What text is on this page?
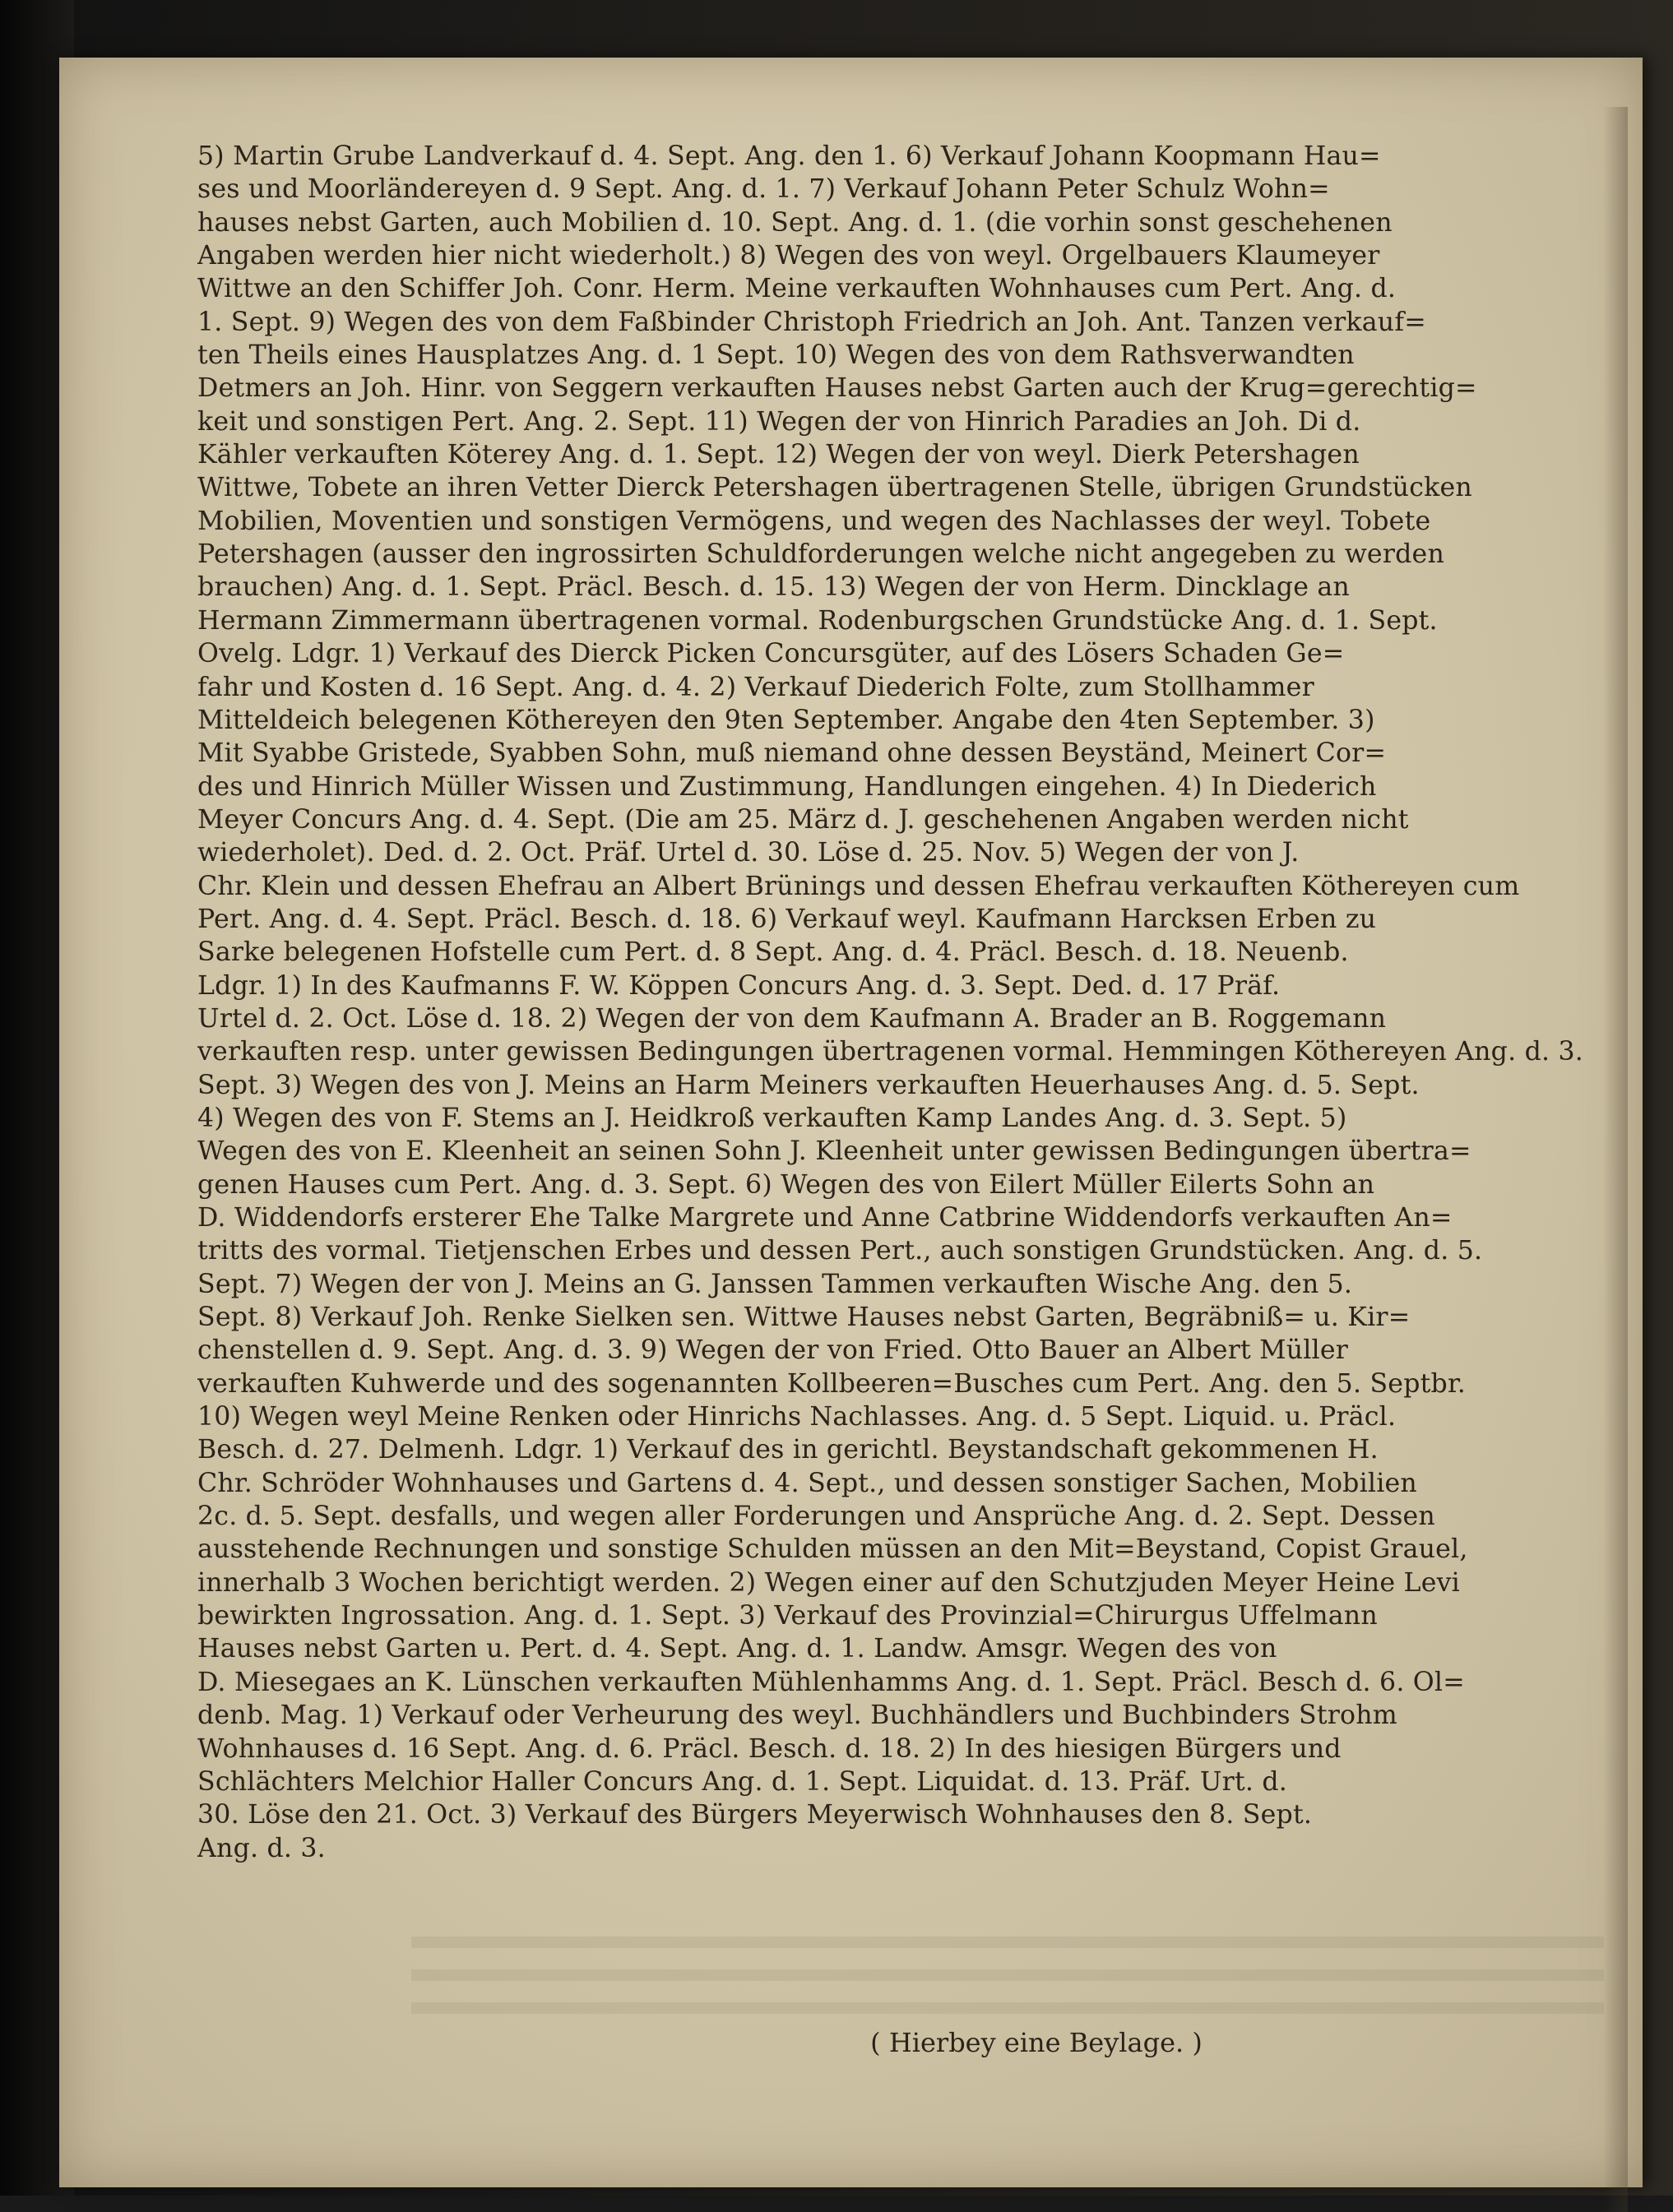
5) Martin Grube Landverkauf d. 4. Sept. Ang. den 1. 6) Verkauf Johann Koopmann Hau=
ses und Moorländereyen d. 9 Sept. Ang. d. 1. 7) Verkauf Johann Peter Schulz Wohn=
hauses nebst Garten, auch Mobilien d. 10. Sept. Ang. d. 1. (die vorhin sonst geschehenen
Angaben werden hier nicht wiederholt.) 8) Wegen des von weyl. Orgelbauers Klaumeyer
Wittwe an den Schiffer Joh. Conr. Herm. Meine verkauften Wohnhauses cum Pert. Ang. d.
1. Sept. 9) Wegen des von dem Faßbinder Christoph Friedrich an Joh. Ant. Tanzen verkauf=
ten Theils eines Hausplatzes Ang. d. 1 Sept. 10) Wegen des von dem Rathsverwandten
Detmers an Joh. Hinr. von Seggern verkauften Hauses nebst Garten auch der Krug=gerechtig=
keit und sonstigen Pert. Ang. 2. Sept. 11) Wegen der von Hinrich Paradies an Joh. Di d.
Kähler verkauften Köterey Ang. d. 1. Sept. 12) Wegen der von weyl. Dierk Petershagen
Wittwe, Tobete an ihren Vetter Dierck Petershagen übertragenen Stelle, übrigen Grundstücken
Mobilien, Moventien und sonstigen Vermögens, und wegen des Nachlasses der weyl. Tobete
Petershagen (ausser den ingrossirten Schuldforderungen welche nicht angegeben zu werden
brauchen) Ang. d. 1. Sept. Präcl. Besch. d. 15. 13) Wegen der von Herm. Dincklage an
Hermann Zimmermann übertragenen vormal. Rodenburgschen Grundstücke Ang. d. 1. Sept.
Ovelg. Ldgr. 1) Verkauf des Dierck Picken Concursgüter, auf des Lösers Schaden Ge=
fahr und Kosten d. 16 Sept. Ang. d. 4. 2) Verkauf Diederich Folte, zum Stollhammer
Mitteldeich belegenen Köthereyen den 9ten September. Angabe den 4ten September. 3)
Mit Syabbe Gristede, Syabben Sohn, muß niemand ohne dessen Beyständ, Meinert Cor=
des und Hinrich Müller Wissen und Zustimmung, Handlungen eingehen. 4) In Diederich
Meyer Concurs Ang. d. 4. Sept. (Die am 25. März d. J. geschehenen Angaben werden nicht
wiederholet). Ded. d. 2. Oct. Präf. Urtel d. 30. Löse d. 25. Nov. 5) Wegen der von J.
Chr. Klein und dessen Ehefrau an Albert Brünings und dessen Ehefrau verkauften Köthereyen cum
Pert. Ang. d. 4. Sept. Präcl. Besch. d. 18. 6) Verkauf weyl. Kaufmann Harcksen Erben zu
Sarke belegenen Hofstelle cum Pert. d. 8 Sept. Ang. d. 4. Präcl. Besch. d. 18. Neuenb.
Ldgr. 1) In des Kaufmanns F. W. Köppen Concurs Ang. d. 3. Sept. Ded. d. 17 Präf.
Urtel d. 2. Oct. Löse d. 18. 2) Wegen der von dem Kaufmann A. Brader an B. Roggemann
verkauften resp. unter gewissen Bedingungen übertragenen vormal. Hemmingen Köthereyen Ang. d. 3.
Sept. 3) Wegen des von J. Meins an Harm Meiners verkauften Heuerhauses Ang. d. 5. Sept.
4) Wegen des von F. Stems an J. Heidkroß verkauften Kamp Landes Ang. d. 3. Sept. 5)
Wegen des von E. Kleenheit an seinen Sohn J. Kleenheit unter gewissen Bedingungen übertra=
genen Hauses cum Pert. Ang. d. 3. Sept. 6) Wegen des von Eilert Müller Eilerts Sohn an
D. Widdendorfs ersterer Ehe Talke Margrete und Anne Catbrine Widdendorfs verkauften An=
tritts des vormal. Tietjenschen Erbes und dessen Pert., auch sonstigen Grundstücken. Ang. d. 5.
Sept. 7) Wegen der von J. Meins an G. Janssen Tammen verkauften Wische Ang. den 5.
Sept. 8) Verkauf Joh. Renke Sielken sen. Wittwe Hauses nebst Garten, Begräbniß= u. Kir=
chenstellen d. 9. Sept. Ang. d. 3. 9) Wegen der von Fried. Otto Bauer an Albert Müller
verkauften Kuhwerde und des sogenannten Kollbeeren=Busches cum Pert. Ang. den 5. Septbr.
10) Wegen weyl Meine Renken oder Hinrichs Nachlasses. Ang. d. 5 Sept. Liquid. u. Präcl.
Besch. d. 27. Delmenh. Ldgr. 1) Verkauf des in gerichtl. Beystandschaft gekommenen H.
Chr. Schröder Wohnhauses und Gartens d. 4. Sept., und dessen sonstiger Sachen, Mobilien
2c. d. 5. Sept. desfalls, und wegen aller Forderungen und Ansprüche Ang. d. 2. Sept. Dessen
ausstehende Rechnungen und sonstige Schulden müssen an den Mit=Beystand, Copist Grauel,
innerhalb 3 Wochen berichtigt werden. 2) Wegen einer auf den Schutzjuden Meyer Heine Levi
bewirkten Ingrossation. Ang. d. 1. Sept. 3) Verkauf des Provinzial=Chirurgus Uffelmann
Hauses nebst Garten u. Pert. d. 4. Sept. Ang. d. 1. Landw. Amsgr. Wegen des von
D. Miesegaes an K. Lünschen verkauften Mühlenhamms Ang. d. 1. Sept. Präcl. Besch d. 6. Ol=
denb. Mag. 1) Verkauf oder Verheurung des weyl. Buchhändlers und Buchbinders Strohm
Wohnhauses d. 16 Sept. Ang. d. 6. Präcl. Besch. d. 18. 2) In des hiesigen Bürgers und
Schlächters Melchior Haller Concurs Ang. d. 1. Sept. Liquidat. d. 13. Präf. Urt. d.
30. Löse den 21. Oct. 3) Verkauf des Bürgers Meyerwisch Wohnhauses den 8. Sept.
Ang. d. 3.
( Hierbey eine Beylage. )
